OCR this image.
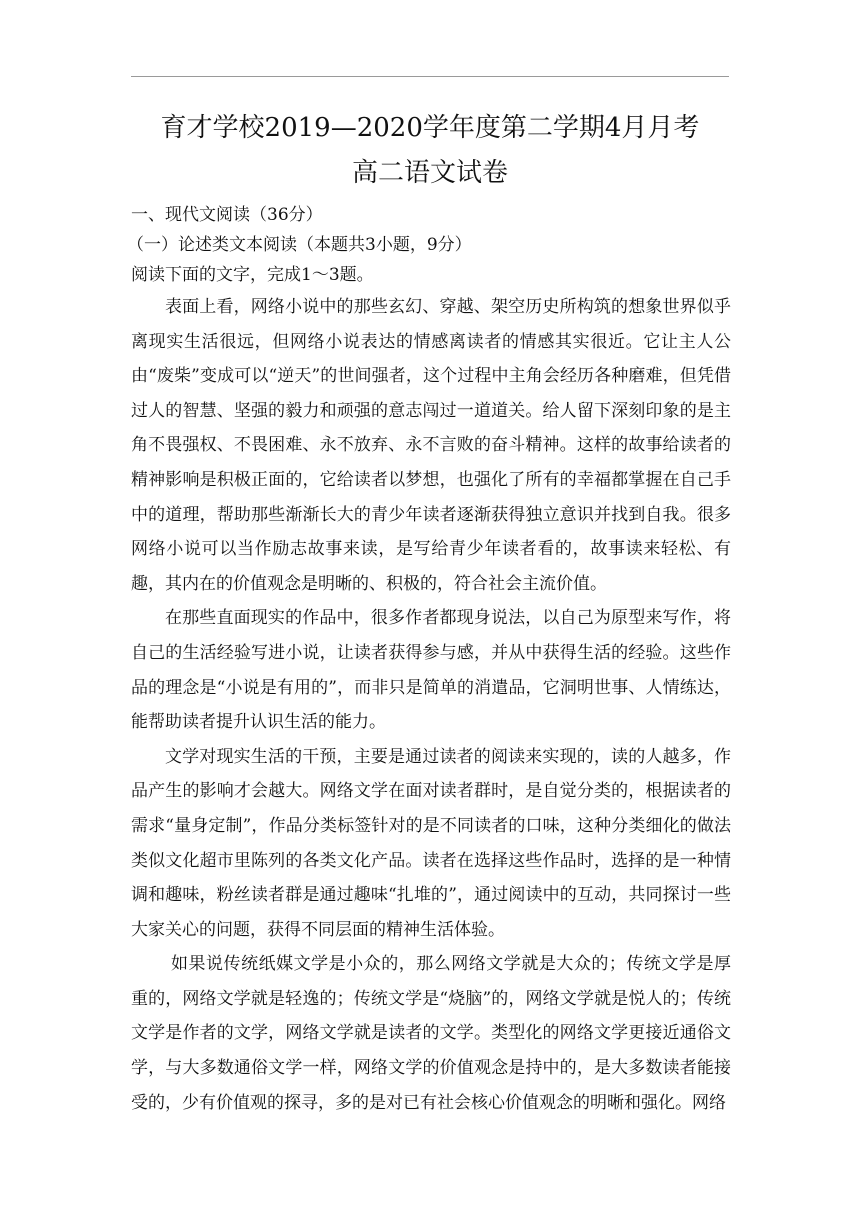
育才学校2019—2020学年度第二学期4月月考
高二语文试卷

一、现代文阅读（36分）

（一）论述类文本阅读（本题共3小题，9分）

阅读下面的文字，完成1～3题。

表面上看，网络小说中的那些玄幻、穿越、架空历史所构筑的想象世界似乎离现实生活很远，但网络小说表达的情感离读者的情感其实很近。它让主人公由“废柴”变成可以“逆天”的世间强者，这个过程中主角会经历各种磨难，但凭借过人的智慧、坚强的毅力和顽强的意志闯过一道道关。给人留下深刻印象的是主角不畏强权、不畏困难、永不放弃、永不言败的奋斗精神。这样的故事给读者的精神影响是积极正面的，它给读者以梦想，也强化了所有的幸福都掌握在自己手中的道理，帮助那些渐渐长大的青少年读者逐渐获得独立意识并找到自我。很多网络小说可以当作励志故事来读，是写给青少年读者看的，故事读来轻松、有趣，其内在的价值观念是明晰的、积极的，符合社会主流价值。

在那些直面现实的作品中，很多作者都现身说法，以自己为原型来写作，将自己的生活经验写进小说，让读者获得参与感，并从中获得生活的经验。这些作品的理念是“小说是有用的”，而非只是简单的消遣品，它洞明世事、人情练达，能帮助读者提升认识生活的能力。

文学对现实生活的干预，主要是通过读者的阅读来实现的，读的人越多，作品产生的影响才会越大。网络文学在面对读者群时，是自觉分类的，根据读者的需求“量身定制”，作品分类标签针对的是不同读者的口味，这种分类细化的做法类似文化超市里陈列的各类文化产品。读者在选择这些作品时，选择的是一种情调和趣味，粉丝读者群是通过趣味“扎堆的”，通过阅读中的互动，共同探讨一些大家关心的问题，获得不同层面的精神生活体验。

如果说传统纸媒文学是小众的，那么网络文学就是大众的；传统文学是厚重的，网络文学就是轻逸的；传统文学是“烧脑”的，网络文学就是悦人的；传统文学是作者的文学，网络文学就是读者的文学。类型化的网络文学更接近通俗文学，与大多数通俗文学一样，网络文学的价值观念是持中的，是大多数读者能接受的，少有价值观的探寻，多的是对已有社会核心价值观念的明晰和强化。网络
